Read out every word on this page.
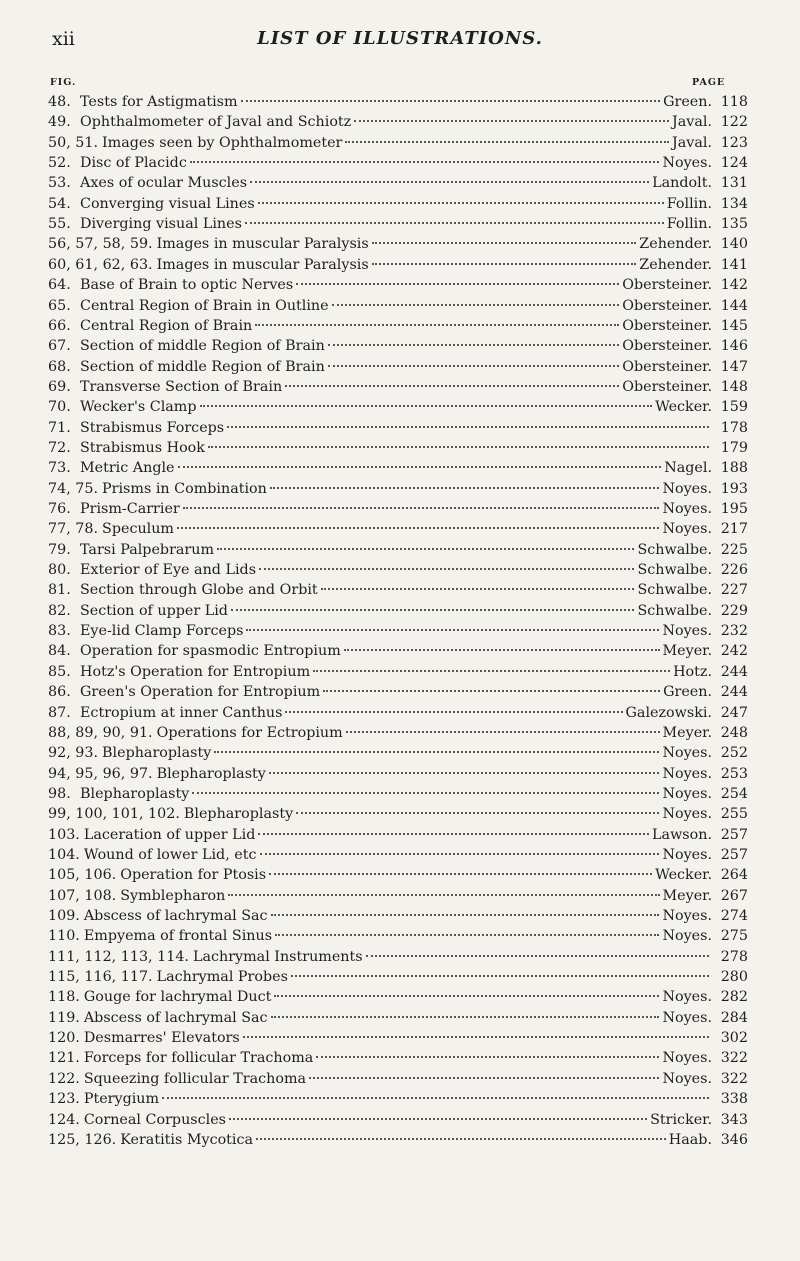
xii	LIST OF ILLUSTRATIONS.
FIG.	PAGE
48. Tests for Astigmatism	Green. 118
49. Ophthalmometer of Javal and Schiotz	Javal. 122
50, 51. Images seen by Ophthalmometer	Javal. 123
52. Disc of Placidc	Noyes. 124
53. Axes of ocular Muscles	Landolt. 131
54. Converging visual Lines	Follin. 134
55. Diverging visual Lines	Follin. 135
56, 57, 58, 59. Images in muscular Paralysis	Zehender. 140
60, 61, 62, 63. Images in muscular Paralysis	Zehender. 141
64. Base of Brain to optic Nerves	Obersteiner. 142
65. Central Region of Brain in Outline	Obersteiner. 144
66. Central Region of Brain	Obersteiner. 145
67. Section of middle Region of Brain	Obersteiner. 146
68. Section of middle Region of Brain	Obersteiner. 147
69. Transverse Section of Brain	Obersteiner. 148
70. Wecker's Clamp	Wecker. 159
71. Strabismus Forceps	178
72. Strabismus Hook	179
73. Metric Angle	Nagel. 188
74, 75. Prisms in Combination	Noyes. 193
76. Prism-Carrier	Noyes. 195
77, 78. Speculum	Noyes. 217
79. Tarsi Palpebrarum	Schwalbe. 225
80. Exterior of Eye and Lids	Schwalbe. 226
81. Section through Globe and Orbit	Schwalbe. 227
82. Section of upper Lid	Schwalbe. 229
83. Eye-lid Clamp Forceps	Noyes. 232
84. Operation for spasmodic Entropium	Meyer. 242
85. Hotz's Operation for Entropium	Hotz. 244
86. Green's Operation for Entropium	Green. 244
87. Ectropium at inner Canthus	Galezowski. 247
88, 89, 90, 91. Operations for Ectropium	Meyer. 248
92, 93. Blepharoplasty	Noyes. 252
94, 95, 96, 97. Blepharoplasty	Noyes. 253
98. Blepharoplasty	Noyes. 254
99, 100, 101, 102. Blepharoplasty	Noyes. 255
103. Laceration of upper Lid	Lawson. 257
104. Wound of lower Lid, etc	Noyes. 257
105, 106. Operation for Ptosis	Wecker. 264
107, 108. Symblepharon	Meyer. 267
109. Abscess of lachrymal Sac	Noyes. 274
110. Empyema of frontal Sinus	Noyes. 275
111, 112, 113, 114. Lachrymal Instruments	278
115, 116, 117. Lachrymal Probes	280
118. Gouge for lachrymal Duct	Noyes. 282
119. Abscess of lachrymal Sac	Noyes. 284
120. Desmarres' Elevators	302
121. Forceps for follicular Trachoma	Noyes. 322
122. Squeezing follicular Trachoma	Noyes. 322
123. Pterygium	338
124. Corneal Corpuscles	Stricker. 343
125, 126. Keratitis Mycotica	Haab. 346
